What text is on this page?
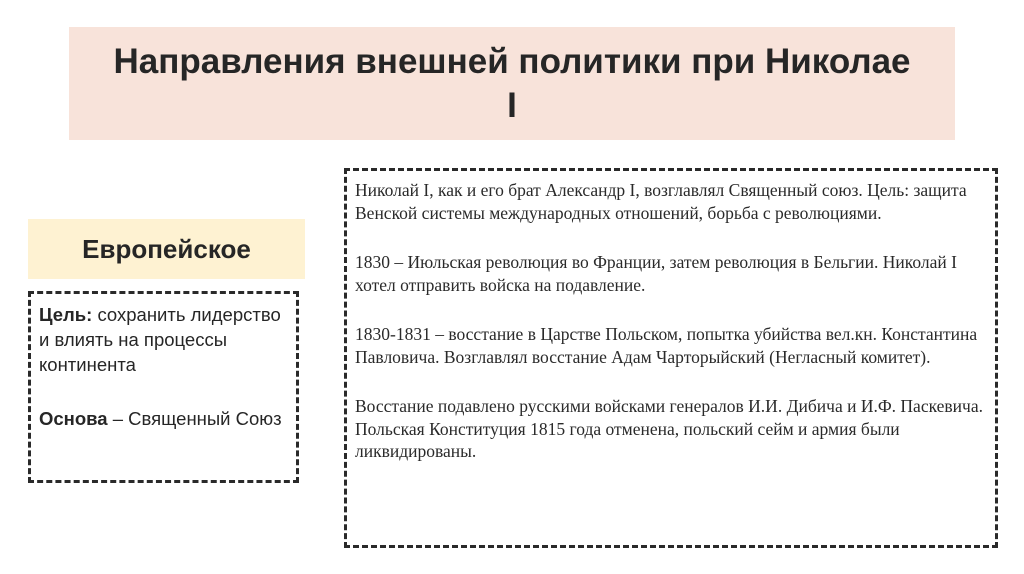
Направления внешней политики при Николае I
Европейское

Цель: сохранить лидерство и влиять на процессы континента

Основа – Священный Союз

Николай I, как и его брат Александр I, возглавлял Священный союз. Цель: защита Венской системы международных отношений, борьба с революциями.

1830 – Июльская революция во Франции, затем революция в Бельгии. Николай I хотел отправить войска на подавление.

1830-1831 – восстание в Царстве Польском, попытка убийства вел.кн. Константина Павловича. Возглавлял восстание Адам Чарторыйский (Негласный комитет).

Восстание подавлено русскими войсками генералов И.И. Дибича и И.Ф. Паскевича. Польская Конституция 1815 года отменена, польский сейм и армия были ликвидированы.
